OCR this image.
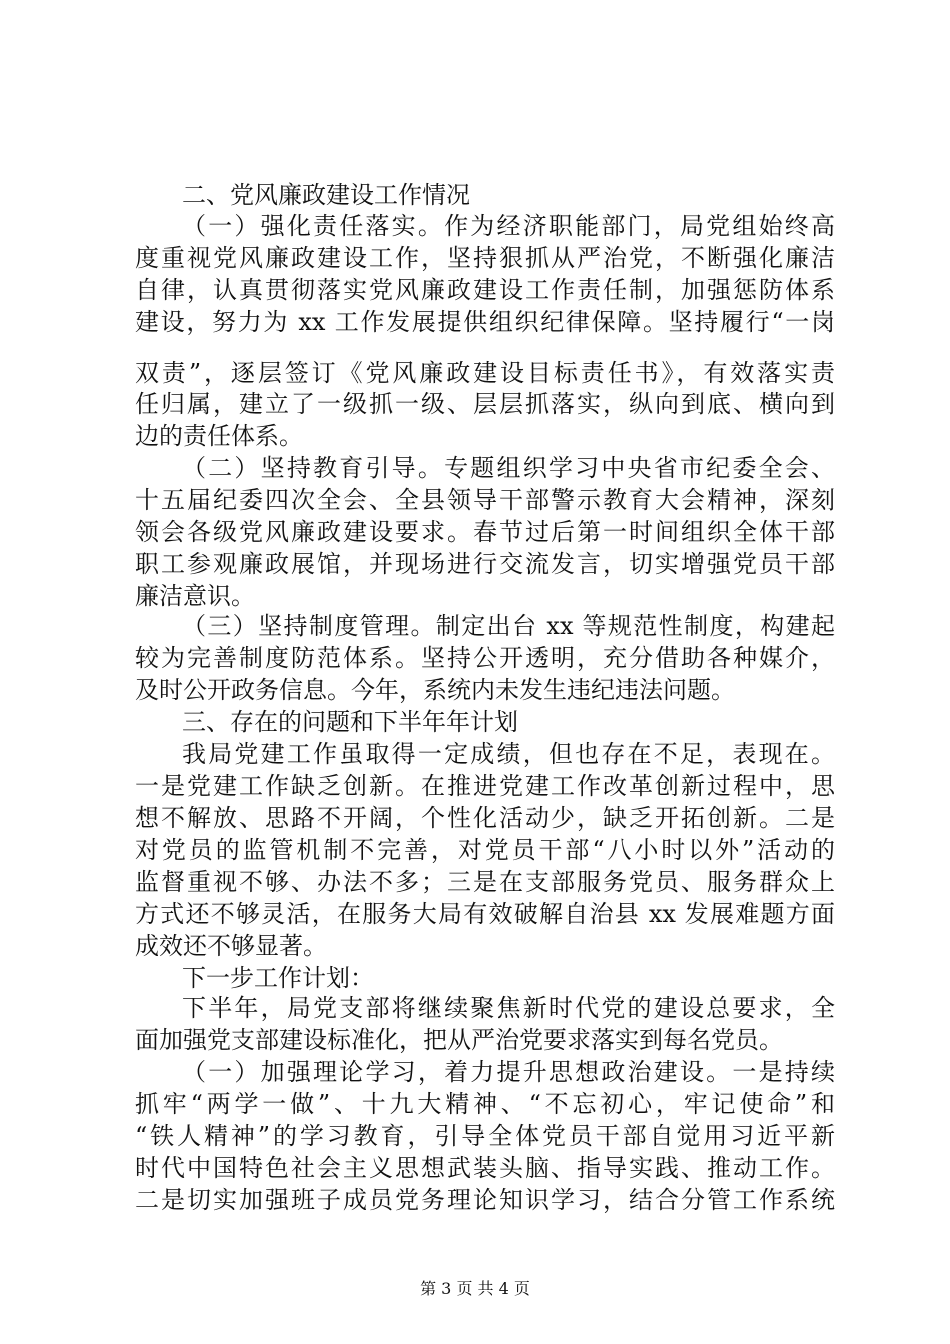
二、党风廉政建设工作情况
（一）强化责任落实。作为经济职能部门，局党组始终高
度重视党风廉政建设工作，坚持狠抓从严治党，不断强化廉洁
自律，认真贯彻落实党风廉政建设工作责任制，加强惩防体系
建设，努力为 xx 工作发展提供组织纪律保障。坚持履行“一岗
双责”，逐层签订《党风廉政建设目标责任书》，有效落实责
任归属，建立了一级抓一级、层层抓落实，纵向到底、横向到
边的责任体系。
（二）坚持教育引导。专题组织学习中央省市纪委全会、
十五届纪委四次全会、全县领导干部警示教育大会精神，深刻
领会各级党风廉政建设要求。春节过后第一时间组织全体干部
职工参观廉政展馆，并现场进行交流发言，切实增强党员干部
廉洁意识。
（三）坚持制度管理。制定出台 xx 等规范性制度，构建起
较为完善制度防范体系。坚持公开透明，充分借助各种媒介，
及时公开政务信息。今年，系统内未发生违纪违法问题。
三、存在的问题和下半年年计划
我局党建工作虽取得一定成绩，但也存在不足，表现在。
一是党建工作缺乏创新。在推进党建工作改革创新过程中，思
想不解放、思路不开阔，个性化活动少，缺乏开拓创新。二是
对党员的监管机制不完善，对党员干部“八小时以外”活动的
监督重视不够、办法不多；三是在支部服务党员、服务群众上
方式还不够灵活，在服务大局有效破解自治县 xx 发展难题方面
成效还不够显著。
下一步工作计划：
下半年，局党支部将继续聚焦新时代党的建设总要求，全
面加强党支部建设标准化，把从严治党要求落实到每名党员。
（一）加强理论学习，着力提升思想政治建设。一是持续
抓牢“两学一做”、十九大精神、“不忘初心，牢记使命”和
“铁人精神”的学习教育，引导全体党员干部自觉用习近平新
时代中国特色社会主义思想武装头脑、指导实践、推动工作。
二是切实加强班子成员党务理论知识学习，结合分管工作系统
第 3 页 共 4 页
